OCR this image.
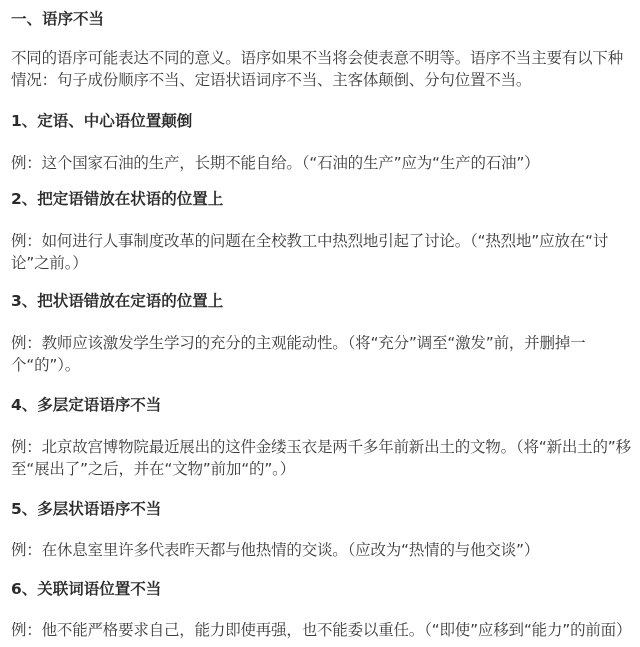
一、语序不当

不同的语序可能表达不同的意义。语序如果不当将会使表意不明等。语序不当主要有以下种情况：句子成份顺序不当、定语状语词序不当、主客体颠倒、分句位置不当。

1、定语、中心语位置颠倒

例：这个国家石油的生产，长期不能自给。（“石油的生产”应为“生产的石油”）

2、把定语错放在状语的位置上

例：如何进行人事制度改革的问题在全校教工中热烈地引起了讨论。（“热烈地”应放在“讨论”之前。）

3、把状语错放在定语的位置上

例：教师应该激发学生学习的充分的主观能动性。（将“充分”调至“激发”前，并删掉一个“的”）。

4、多层定语语序不当

例：北京故宫博物院最近展出的这件金缕玉衣是两千多年前新出土的文物。（将“新出土的”移至“展出了”之后，并在“文物”前加“的”。）

5、多层状语语序不当

例：在休息室里许多代表昨天都与他热情的交谈。（应改为“热情的与他交谈”）

6、关联词语位置不当

例：他不能严格要求自己，能力即使再强，也不能委以重任。（“即使”应移到“能力”的前面）
